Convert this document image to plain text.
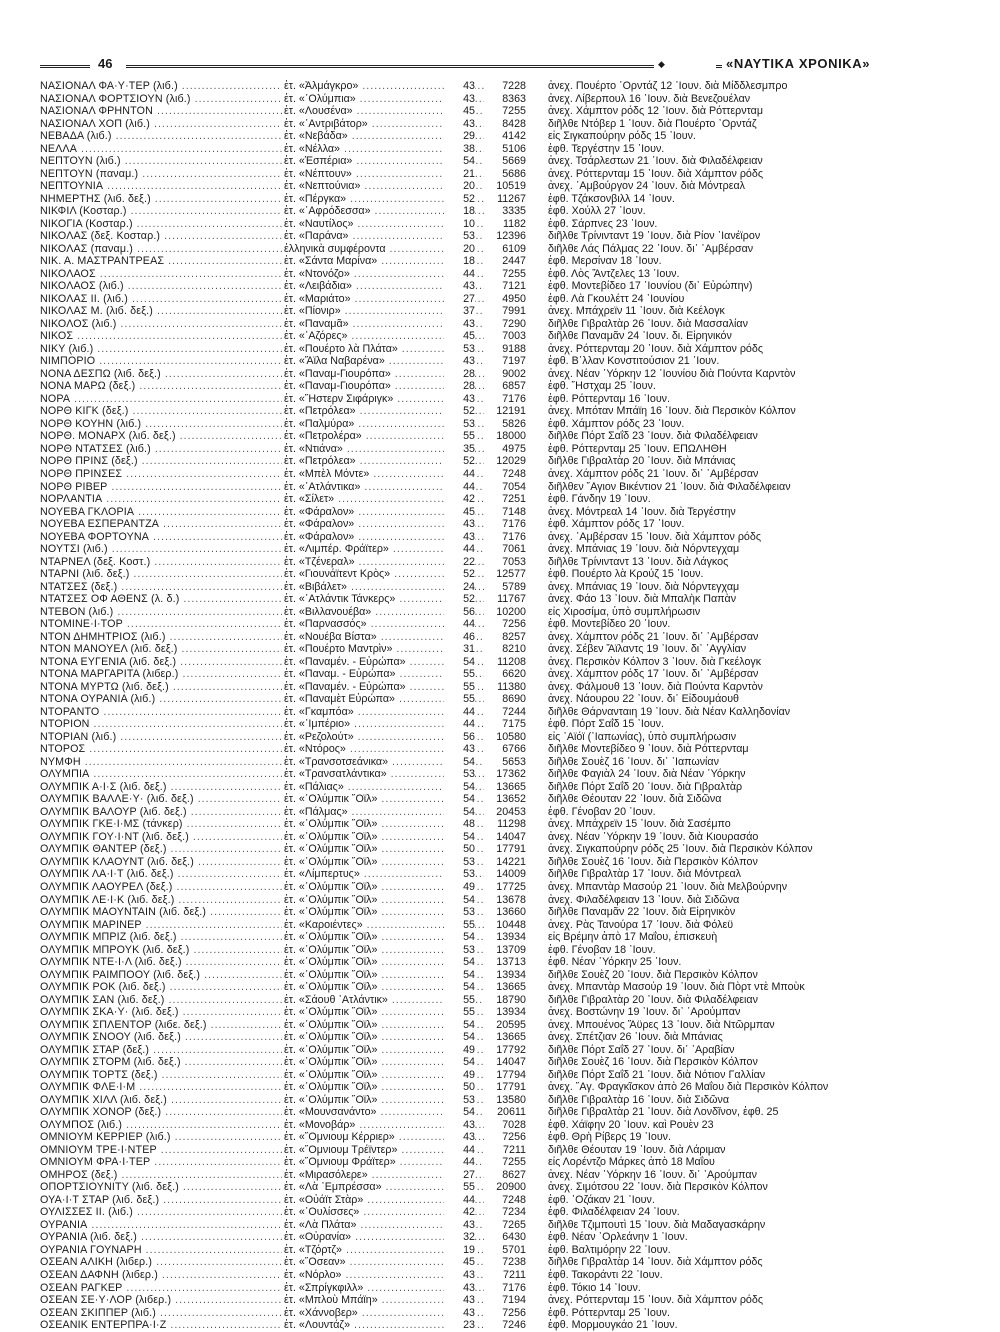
46	◆	«ΝΑΥΤΙΚΑ ΧΡΟΝΙΚΑ»
ΝΑΣΙΟΝΑΛ ΦΑ·Υ·ΤΕΡ (λιб.) .....	ἑτ. «Ἀλμάγκρο» .....	43	7228 ἀνεχ. Πουέρτο ᾿Ορντάζ 12 ᾿Ιουν. διὰ Μίδδλεσμπρο
ΝΑΣΙΟΝΑΛ ΦΟΡΤΣΙΟΥΝ (λιб.) .....	ἑτ. «᾿Ολύμπια» .....	43	8363 ἀνεχ. Λίβερπουλ 16 ᾿Ιουν. διὰ Βενεζουέλαν
ΝΑΣΙΟΝΑΛ ΦΡΗΝΤΟΝ .....	ἑτ. «Λουσένα» .....	45	7255 ἀνεχ. Χάμπτον ρόδς 12 ᾿Ιουν. διὰ Ρόττερνταμ
ΝΑΣΙΟΝΑΛ ΧΟΠ (λιб.) .....	ἑτ. «᾿Αντριβάτορ» .....	43	8428 διῆλθε Ντόβερ 1 ᾿Ιουν. διὰ Πουέρτο ᾿Ορντάζ
ΝΕΒΑΔΑ (λιб.) .....	ἑτ. «Νεβάδα» .....	29	4142 εἰς Σιγκαπούρην ρόδς 15 ᾿Ιουν.
ΝΕΛΛΑ .....	ἑτ. «Νέλλα» .....	38	5106 ἐφθ. Τεργέστην 15 ᾿Ιουν.
ΝΕΠΤΟΥΝ (λιб.) .....	ἑτ. «Ἑσπέρια» .....	54	5669 ἀνεχ. Τσάρλεστων 21 ᾿Ιουν. διὰ Φιλαδέλφειαν
ΝΕΠΤΟΥΝ (παναμ.) .....	ἑτ. «Νέπτουν» .....	21	5686 ἀνεχ. Ρόττερνταμ 15 ᾿Ιουν. διὰ Χάμπτον ρόδς
ΝΕΠΤΟΥΝΙΑ .....	ἑτ. «Νεπτούνια» .....	20	10519 ἀνεχ. ᾿Αμβούργον 24 ᾿Ιουν. διὰ Μόντρεαλ
ΝΗΜΕΡΤΗΣ (λιб. δεξ.) .....	ἑτ. «Πέργκα» .....	52	11267 ἐφθ. Τζάκσονβιλλ 14 ᾿Ιουν.
ΝΙΚΦΙΛ (Κοσταρ.) .....	ἑτ. «᾿Αφρόδεσσα» .....	18	3335 ἐφθ. Χούλλ 27 ᾿Ιουν.
ΝΙΚΟΓΙΑ (Κοσταρ.) .....	ἑτ. «Ναυτίλος» .....	10	1182 ἐφθ. Σάρπνες 23 ᾿Ιουν.
ΝΙΚΟΛΑΣ (δεξ. Κοσταρ.) .....	ἑτ. «Παράνα» .....	53	12396 διῆλθε Τρίνινταντ 19 ᾿Ιουν. διὰ Ρίον ᾿Ιανέϊρον
ΝΙΚΟΛΑΣ (παναμ.) .....	ἑλληνικὰ συμφέροντα .....	20	6109 διῆλθε Λάς Πάλμας 22 ᾿Ιουν. δι᾿ ᾿Αμβέρσαν
ΝΙΚ. Α. ΜΑΣΤΡΑΝΤΡΕΑΣ .....	ἑτ. «Σάντα Μαρίνα» .....	18	2447 ἐφθ. Μερσίναν 18 ᾿Ιουν.
ΝΙΚΟΛΑΟΣ .....	ἑτ. «Ντονόζο» .....	44	7255 ἐφθ. Λὸς Ἄντζελες 13 ᾿Ιουν.
ΝΙΚΟΛΑΟΣ (λιб.) .....	ἑτ. «Λειβάδια» .....	43	7121 ἐφθ. Μοντεβίδεο 17 ᾿Ιουνίου (δι᾿ Εὐρώπην)
ΝΙΚΟΛΑΣ ΙΙ. (λιб.) .....	ἑτ. «Μαριάτο» .....	27	4950 ἐφθ. Λὰ Γκουλέττ 24 ᾿Ιουνίου
ΝΙΚΟΛΑΣ Μ. (λιб. δεξ.) .....	ἑτ. «Πίονιρ» .....	37	7991 ἀνεχ. Μπάχρεϊν 11 ᾿Ιουν. διὰ Κεέλογκ
ΝΙΚΟΛΟΣ (λιб.) .....	ἑτ. «Παναμᾶ» .....	43	7290 διῆλθε Γιβραλτὰρ 26 ᾿Ιουν. διὰ Μασσαλίαν
ΝΙΚΟΣ .....	ἑτ. «᾿Αζόρες» .....	45	7003 διῆλθε Παναμᾶν 24 ᾿Ιουν. δι. Εἰρηνικόν
ΝΙΚΥ (λιб.) .....	ἑτ. «Πουέρτο λὰ Πλάτα» .....	53	9188 ἀνεχ. Ρόττερνταμ 20 ᾿Ιουν. διὰ Χάμπτον ρόδς
ΝΙΜΠΟΡΙΟ .....	ἑτ. «Ἄϊλα Ναβαρένα» .....	43	7197 ἐφθ. Β᾿λλαν Κονστιτούσιον 21 ᾿Ιουν.
ΝΟΝΑ ΔΕΣΠΩ (λιб. δεξ.) .....	ἑτ. «Παναμ-Γιουρόπα» .....	28	9002 ἀνεχ. Νέαν ῾Υόρκην 12 ᾿Ιουνίου διὰ Πούντα Καρντὸν
ΝΟΝΑ ΜΑΡΩ (δεξ.) .....	ἑτ. «Παναμ-Γιουρόπα» .....	28	6857 ἐφθ. ῞Ηστχαμ 25 ᾿Ιουν.
ΝΟΡΑ .....	ἑτ. «῞Ηστερν Σιφάριγκ» .....	43	7176 ἐφθ. Ρόττερνταμ 16 ᾿Ιουν.
ΝΟΡΘ ΚΙΓΚ (δεξ.) .....	ἑτ. «Πετρόλεα» .....	52	12191 ἀνεχ. Μπόταν Μπάϊη 16 ᾿Ιουν. διὰ Περσικὸν Κόλπον
ΝΟΡΘ ΚΟΥΗΝ (λιб.) .....	ἑτ. «Παλμύρα» .....	53	5826 ἐφθ. Χάμπτον ρόδς 23 ᾿Ιουν.
ΝΟΡΘ. ΜΟΝΑΡΧ (λιб. δεξ.) .....	ἑτ. «Πετρολέρα» .....	55	18000 διῆλθε Πόρτ Σαΐδ 23 ᾿Ιουν. διὰ Φιλαδέλφειαν
ΝΟΡΘ ΝΤΑΤΣΕΣ (λιб.) .....	ἑτ. «Ντιάνα» .....	35	4975 ἐφθ. Ρόττερνταμ 25 ᾿Ιουν. ΕΠΩΛΗΘΗ
ΝΟΡΘ ΠΡΙΝΣ (δεξ.) .....	ἑτ. «Πετρόλεα» .....	52	12029 διῆλθε Γιβραλτὰρ 20 ᾿Ιουν. διὰ Μπάνιας
ΝΟΡΘ ΠΡΙΝΣΕΣ .....	ἑτ. «Μπὲλ Μόντε» .....	44	7248 ἀνεχ. Χάμπτον ρόδς 21 ᾿Ιουν. δι᾿ ᾿Αμβέρσαν
ΝΟΡΘ ΡΙΒΕΡ .....	ἑτ. «᾿Ατλάντικα» .....	44	7054 διῆλθεν ῞Αγιον Βικέντιον 21 ᾿Ιουν. διὰ Φιλαδέλφειαν
ΝΟΡΛΑΝΤΙΑ .....	ἑτ. «Σίλετ» .....	42	7251 ἐφθ. Γάνδην 19 ᾿Ιουν.
ΝΟΥΕΒΑ ΓΚΛΟΡΙΑ .....	ἑτ. «Φάραλον» .....	45	7148 ἀνεχ. Μόντρεαλ 14 ᾿Ιουν. διὰ Τεργέστην
ΝΟΥΕΒΑ ΕΣΠΕΡΑΝΤΖΑ .....	ἑτ. «Φάραλον» .....	43	7176 ἐφθ. Χάμπτον ρόδς 17 ᾿Ιουν.
ΝΟΥΕΒΑ ΦΟΡΤΟΥΝΑ .....	ἑτ. «Φάραλον» .....	43	7176 ἀνεχ. ᾿Αμβέρσαν 15 ᾿Ιουν. διὰ Χάμπτον ρόδς
ΝΟΥΤΣΙ (λιб.) .....	ἑτ. «Λιμπέρ. Φράϊτερ» .....	44	7061 ἀνεχ. Μπάνιας 19 ᾿Ιουν. διὰ Νόρντεγχαμ
ΝΤΑΡΝΕΛ (δεξ. Κοστ.) .....	ἑτ. «Τζένεραλ» .....	22	7053 διῆλθε Τρίνινταντ 13 ᾿Ιουν. διὰ Λάγκος
ΝΤΑΡΝΙ (λιб. δεξ.) .....	ἑτ. «Γιουνάϊτεντ Κρὸς» .....	52	12577 ἐφθ. Πουέρτο λὰ Κρούζ 15 ᾿Ιουν.
ΝΤΑΤΣΕΣ (δεξ.) .....	ἑτ. «Βιβάλετ» .....	24	5789 ἀνεχ. Μπάνιας 19 ᾿Ιουν. διὰ Νόρντεγχαμ
ΝΤΑΤΣΕΣ ΟΦ ΑΘΕΝΣ (λ. δ.) .....	ἑτ. «᾿Ατλάντικ Τάνκερς» .....	52	11767 ἀνεχ. Φάο 13 ᾿Ιουν. διὰ Μπαλὴκ Παπὰν
ΝΤΕΒΟΝ (λιб.) .....	ἑτ. «Βιλλανουέβα» .....	56	10200 εἰς Χιροσίμα, ὑπὸ συμπλήρωσιν
ΝΤΟΜΙΝΕ·Ι·ΤΟΡ .....	ἑτ. «Παρνασσός» .....	44	7256 ἐφθ. Μοντεβίδεο 20 ᾿Ιουν.
ΝΤΟΝ ΔΗΜΗΤΡΙΟΣ (λιб.) .....	ἑτ. «Νουέβα Βίστα» .....	46	8257 ἀνεχ. Χάμπτον ρόδς 21 ᾿Ιουν. δι᾿ ᾿Αμβέρσαν
ΝΤΟΝ ΜΑΝΟΥΕΛ (λιб. δεξ.) .....	ἑτ. «Πουέρτο Μαντρὶν» .....	31	8210 ἀνεχ. Σέβεν Ἄϊλαντς 19 ᾿Ιουν. δι᾿ ᾿Αγγλίαν
ΝΤΟΝΑ ΕΥΓΕΝΙΑ (λιб. δεξ.) .....	ἑτ. «Παναμέν. - Εὐρώπα» .....	54	11208 ἀνεχ. Περσικὸν Κόλπον 3 ᾿Ιουν. διὰ Γκεέλογκ
ΝΤΟΝΑ ΜΑΡΓΑΡΙΤΑ (λιбερ.) .....	ἑτ. «Παναμ. - Εὐρώπα» .....	55	6620 ἀνεχ. Χάμπτον ρόδς 17 ᾿Ιουν. δι᾿ ᾿Αμβέρσαν
ΝΤΟΝΑ ΜΥΡΤΩ (λιб. δεξ.) .....	ἑτ. «Παναμέν. - Εὐρώπα» .....	55	11380 ἀνεχ. Φάλμουθ 13 ᾿Ιουν. διὰ Πούντα Καρντὸν
ΝΤΟΝΑ ΟΥΡΑΝΙΑ (λιб.) .....	ἑτ. «Παναμὲτ Εὐρώπα» .....	55	8690 ἀνεχ. Νάουρου 22 ᾿Ιουν. δι᾿ Εἰδουμάουθ
ΝΤΟΡΑΝΤΟ .....	ἑτ. «Γκαμπόα» .....	44	7244 διῆλθε Θάρνανταιη 19 ᾿Ιουν. διὰ Νέαν Καλληδονίαν
ΝΤΟΡΙΟΝ .....	ἑτ. «᾿Ιμπέριο» .....	44	7175 ἐφθ. Πόρτ Σαΐδ 15 ᾿Ιουν.
ΝΤΟΡΙΑΝ (λιб.) .....	ἑτ. «Ρεζολούτ» .....	56	10580 εἰς ᾿Αϊόϊ (᾿Ιαπωνίας), ὑπὸ συμπλήρωσιν
ΝΤΟΡΟΣ .....	ἑτ. «Ντόρος» .....	43	6766 διῆλθε Μοντεβίδεο 9 ᾿Ιουν. διὰ Ρόττερνταμ
ΝΥΜΦΗ .....	ἑτ. «Τρανσοτσεάνικα» .....	54	5653 διῆλθε Σουὲζ 16 ᾿Ιουν. δι᾿ ᾿Ιαπωνίαν
ΟΛΥΜΠΙΑ .....	ἑτ. «Τρανσατλάντικα» .....	53	17362 διῆλθε Φαγιὰλ 24 ᾿Ιουν. διὰ Νέαν ῾Υόρκην
ΟΛΥΜΠΙΚ Α·Ι·Σ (λιб. δεξ.) .....	ἑτ. «Πάλιας» .....	54	13665 διῆλθε Πόρτ Σαΐδ 20 ᾿Ιουν. διὰ Γιβραλτὰρ
ΟΛΥΜΠΙΚ ΒΑΛΛΕ·Υ· (λιб. δεξ.) .....	ἑτ. «᾿Ολύμπικ ῎Οϊλ» .....	54	13652 διῆλθε Θέουταν 22 ᾿Ιουν. διὰ Σιδῶνα
ΟΛΥΜΠΙΚ ΒΑΛΟΥΡ (λιб. δεξ.) .....	ἑτ. «Πάλμας» .....	54	20453 ἐφθ. Γένοβαν 20 ᾿Ιουν.
ΟΛΥΜΠΙΚ ΓΚΕ·Ι·ΜΣ (τάνκερ) .....	ἑτ. «᾿Ολύμπικ ῎Οϊλ» .....	48	11298 ἀνεχ. Μπάχρεϊν 15 ᾿Ιουν. διὰ Σασέμπο
ΟΛΥΜΠΙΚ ΓΟΥ·Ι·ΝΤ (λιб. δεξ.) .....	ἑτ. «᾿Ολύμπικ ῎Οϊλ» .....	54	14047 ἀνεχ. Νέαν ῾Υόρκην 19 ᾿Ιουν. διὰ Κιουρασάο
ΟΛΥΜΠΙΚ ΘΑΝΤΕΡ (δεξ.) .....	ἑτ. «᾿Ολύμπικ ῎Οϊλ» .....	50	17791 ἀνεχ. Σιγκαπούρην ρόδς 25 ᾿Ιουν. διὰ Περσικὸν Κόλπον
ΟΛΥΜΠΙΚ ΚΛΑΟΥΝΤ (λιб. δεξ.) .....	ἑτ. «᾿Ολύμπικ ῎Οϊλ» .....	53	14221 διῆλθε Σουὲζ 16 ᾿Ιουν. διὰ Περσικὸν Κόλπον
ΟΛΥΜΠΙΚ ΛΑ·Ι·Τ (λιб. δεξ.) .....	ἑτ. «Λίμπερτυς» .....	53	14009 διῆλθε Γιβραλτὰρ 17 ᾿Ιουν. διὰ Μόντρεαλ
ΟΛΥΜΠΙΚ ΛΑΟΥΡΕΛ (δεξ.) .....	ἑτ. «᾿Ολύμπικ ῎Οϊλ» .....	49	17725 ἀνεχ. Μπαντὰρ Μασούρ 21 ᾿Ιουν. διὰ Μελβούρνην
ΟΛΥΜΠΙΚ ΛΕ·Ι·Κ (λιб. δεξ.) .....	ἑτ. «᾿Ολύμπικ ῎Οϊλ» .....	54	13678 ἀνεχ. Φιλαδέλφειαν 13 ᾿Ιουν. διὰ Σιδῶνα
ΟΛΥΜΠΙΚ ΜΑΟΥΝΤΑΙΝ (λιб. δεξ.) .....	ἑτ. «᾿Ολύμπικ ῎Οϊλ» .....	53	13660 διῆλθε Παναμᾶν 22 ᾿Ιουν. διὰ Εἰρηνικὸν
ΟΛΥΜΠΙΚ ΜΑΡΙΝΕΡ .....	ἑτ. «Καροιέντες» .....	55	10448 ἀνεχ. Ρὰς Τανούρα 17 ᾿Ιουν. διὰ Φόλεϋ
ΟΛΥΜΠΙΚ ΜΠΡΙΖ (λιб. δεξ.) .....	ἑτ. «᾿Ολύμπικ ῎Οϊλ» .....	54	13934 εἰς Βρέμην ἀπὸ 17 Μαΐου, ἐπισκευὴ
ΟΛΥΜΠΙΚ ΜΠΡΟΥΚ (λιб. δεξ.) .....	ἑτ. «᾿Ολύμπικ ῎Οϊλ» .....	53	13709 ἐφθ. Γένοβαν 18 ᾿Ιουν.
ΟΛΥΜΠΙΚ ΝΤΕ·Ι·Λ (λιб. δεξ.) .....	ἑτ. «᾿Ολύμπικ ῎Οϊλ» .....	54	13713 ἐφθ. Νέαν ῾Υόρκην 25 ᾿Ιουν.
ΟΛΥΜΠΙΚ ΡΑΙΜΠΟΟΥ (λιб. δεξ.) .....	ἑτ. «᾿Ολύμπικ ῎Οϊλ» .....	54	13934 διῆλθε Σουὲζ 20 ᾿Ιουν. διὰ Περσικὸν Κόλπον
ΟΛΥΜΠΙΚ ΡΟΚ (λιб. δεξ.) .....	ἑτ. «᾿Ολύμπικ ῎Οϊλ» .....	54	13665 ἀνεχ. Μπαντὰρ Μασούρ 19 ᾿Ιουν. διὰ Πὸρτ ντὲ Μποὺκ
ΟΛΥΜΠΙΚ ΣΑΝ (λιб. δεξ.) .....	ἑτ. «Σάουθ ᾿Ατλάντικ» .....	55	18790 διῆλθε Γιβραλτὰρ 20 ᾿Ιουν. διὰ Φιλαδέλφειαν
ΟΛΥΜΠΙΚ ΣΚΑ·Υ· (λιб. δεξ.) .....	ἑτ. «᾿Ολύμπικ ῎Οϊλ» .....	55	13934 ἀνεχ. Βοστώνην 19 ᾿Ιουν. δι᾿ ᾿Αρούμπαν
ΟΛΥΜΠΙΚ ΣΠΛΕΝΤΟΡ (λιбε. δεξ.) .....	ἑτ. «᾿Ολύμπικ ῎Οϊλ» .....	54	20595 ἀνεχ. Μπουένος Ἄϋρες 13 ᾿Ιουν. διὰ Ντῶρμπαν
ΟΛΥΜΠΙΚ ΣΝΟΟΥ (λιб. δεξ.) .....	ἑτ. «᾿Ολύμπικ ῎Οϊλ» .....	54	13665 ἀνεχ. Σπέτζιαν 26 ᾿Ιουν. διὰ Μπάνιας
ΟΛΥΜΠΙΚ ΣΤΑΡ (δεξ.) .....	ἑτ. «᾿Ολύμπικ ῎Οϊλ» .....	49	17792 διῆλθε Πόρτ Σαΐδ 27 ᾿Ιουν. δι᾿ ᾿Αραβίαν
ΟΛΥΜΠΙΚ ΣΤΟΡΜ (λιб. δεξ.) .....	ἑτ. «᾿Ολύμπικ ῎Οϊλ» .....	54	14047 διῆλθε Σουὲζ 16 ᾿Ιουν. διὰ Περσικὸν Κόλπον
ΟΛΥΜΠΙΚ ΤΟΡΤΣ (δεξ.) .....	ἑτ. «᾿Ολύμπικ ῎Οϊλ» .....	49	17794 διῆλθε Πόρτ Σαΐδ 21 ᾿Ιουν. διὰ Νότιον Γαλλίαν
ΟΛΥΜΠΙΚ ΦΛΕ·Ι·Μ .....	ἑτ. «᾿Ολύμπικ ῎Οϊλ» .....	50	17791 ἀνεχ. ῞Αγ. Φραγκῖσκον ἀπὸ 26 Μαΐου διὰ Περσικὸν Κόλπον
ΟΛΥΜΠΙΚ ΧΙΛΛ (λιб. δεξ.) .....	ἑτ. «᾿Ολύμπικ ῎Οϊλ» .....	53	13580 διῆλθε Γιβραλτὰρ 16 ᾿Ιουν. διὰ Σιδῶνα
ΟΛΥΜΠΙΚ ΧΟΝΟΡ (δεξ.) .....	ἑτ. «Μουνσανάντο» .....	54	20611 διῆλθε Γιβραλτὰρ 21 ᾿Ιουν. διὰ Λονδῖνον, ἐφθ. 25
ΟΛΥΜΠΟΣ (λιб.) .....	ἑτ. «Μονοβάρ» .....	43	7028 ἐφθ. Χάϊφην 20 ᾿Ιουν. καὶ Ρουὲν 23
ΟΜΝΙΟΥΜ ΚΕΡΡΙΕΡ (λιб.) .....	ἑτ. «῎Ομνιουμ Κέρριερ» .....	43	7256 ἐφθ. Θρὴ Ρίβερς 19 ᾿Ιουν.
ΟΜΝΙΟΥΜ ΤΡΕ·Ι·ΝΤΕΡ .....	ἑτ. «῎Ομνιουμ Τρέϊντερ» .....	44	7211 διῆλθε Θέουταν 19 ᾿Ιουν. διὰ Λάριμαν
ΟΜΝΙΟΥΜ ΦΡΑ·Ι·ΤΕΡ .....	ἑτ. «῎Ομνιουμ Φράϊτερ» .....	44	7255 εἰς Λορέντζο Μάρκες ἀπὸ 18 Μαΐου
ΟΜΗΡΟΣ (δεξ.) .....	ἑτ. «Μιρασόλερε» .....	27	8627 ἀνεχ. Νέαν ῾Υόρκην 16 ᾿Ιουν. δι᾿ ᾿Αρούμπαν
ΟΠΟΡΤΣΙΟΥΝΙΤΥ (λιб. δεξ.) .....	ἑτ. «Λὰ ᾿Εμπρέσσα» .....	55	20900 ἀνεχ. Σιμότσου 22 ᾿Ιουν. διὰ Περσικὸν Κόλπον
ΟΥΑ·Ι·Τ ΣΤΑΡ (λιб. δεξ.) .....	ἑτ. «Οὐάϊτ Στὰρ» .....	44	7248 ἐφθ. ᾿Οζάκαν 21 ᾿Ιουν.
ΟΥΛΙΣΣΕΣ ΙΙ. (λιб.) .....	ἑτ. «᾿Ουλίσσες» .....	42	7234 ἐφθ. Φιλαδέλφειαν 24 ᾿Ιουν.
ΟΥΡΑΝΙΑ .....	ἑτ. «Λὰ Πλάτα» .....	43	7265 διῆλθε Τζιμπουτὶ 15 ᾿Ιουν. διὰ Μαδαγασκάρην
ΟΥΡΑΝΙΑ (λιб. δεξ.) .....	ἑτ. «Οὐρανία» .....	32	6430 ἐφθ. Νέαν ᾿Ορλεάνην 1 ᾿Ιουν.
ΟΥΡΑΝΙΑ ΓΟΥΝΑΡΗ .....	ἑτ. «Τζόρτζ» .....	19	5701 ἐφθ. Βαλτιμόρην 22 ᾿Ιουν.
ΟΣΕΑΝ ΑΛΙΚΗ (λιбερ.) .....	ἑτ. «῎Οσεαν» .....	45	7238 διῆλθε Γιβραλτὰρ 14 ᾿Ιουν. διὰ Χάμπτον ρόδς
ΟΣΕΑΝ ΔΑΦΝΗ (λιбερ.) .....	ἑτ. «Νόρλο» .....	43	7211 ἐφθ. Τακοράντι 22 ᾿Ιουν.
ΟΣΕΑΝ ΡΑΓΚΕΡ .....	ἑτ. «Σπρίγκφιλλ» .....	43	7176 ἐφθ. Τόκιο 14 ᾿Ιουν.
ΟΣΕΑΝ ΣΕ·Υ·ΛΟΡ (λιбερ.) .....	ἑτ. «Μπλοὺ Μπάϊη» .....	43	7194 ἀνεχ. Ρόττερνταμ 15 ᾿Ιουν. διὰ Χάμπτον ρόδς
ΟΣΕΑΝ ΣΚΙΠΠΕΡ (λιб.) .....	ἑτ. «Χάννοβερ» .....	43	7256 ἐφθ. Ρόττερνταμ 25 ᾿Ιουν.
ΟΣΕΑΝΙΚ ΕΝΤΕΡΠΡΑ·Ι·Ζ .....	ἑτ. «Λουντάζ» .....	23	7246 ἐφθ. Μορμουγκάο 21 ᾿Ιουν.
